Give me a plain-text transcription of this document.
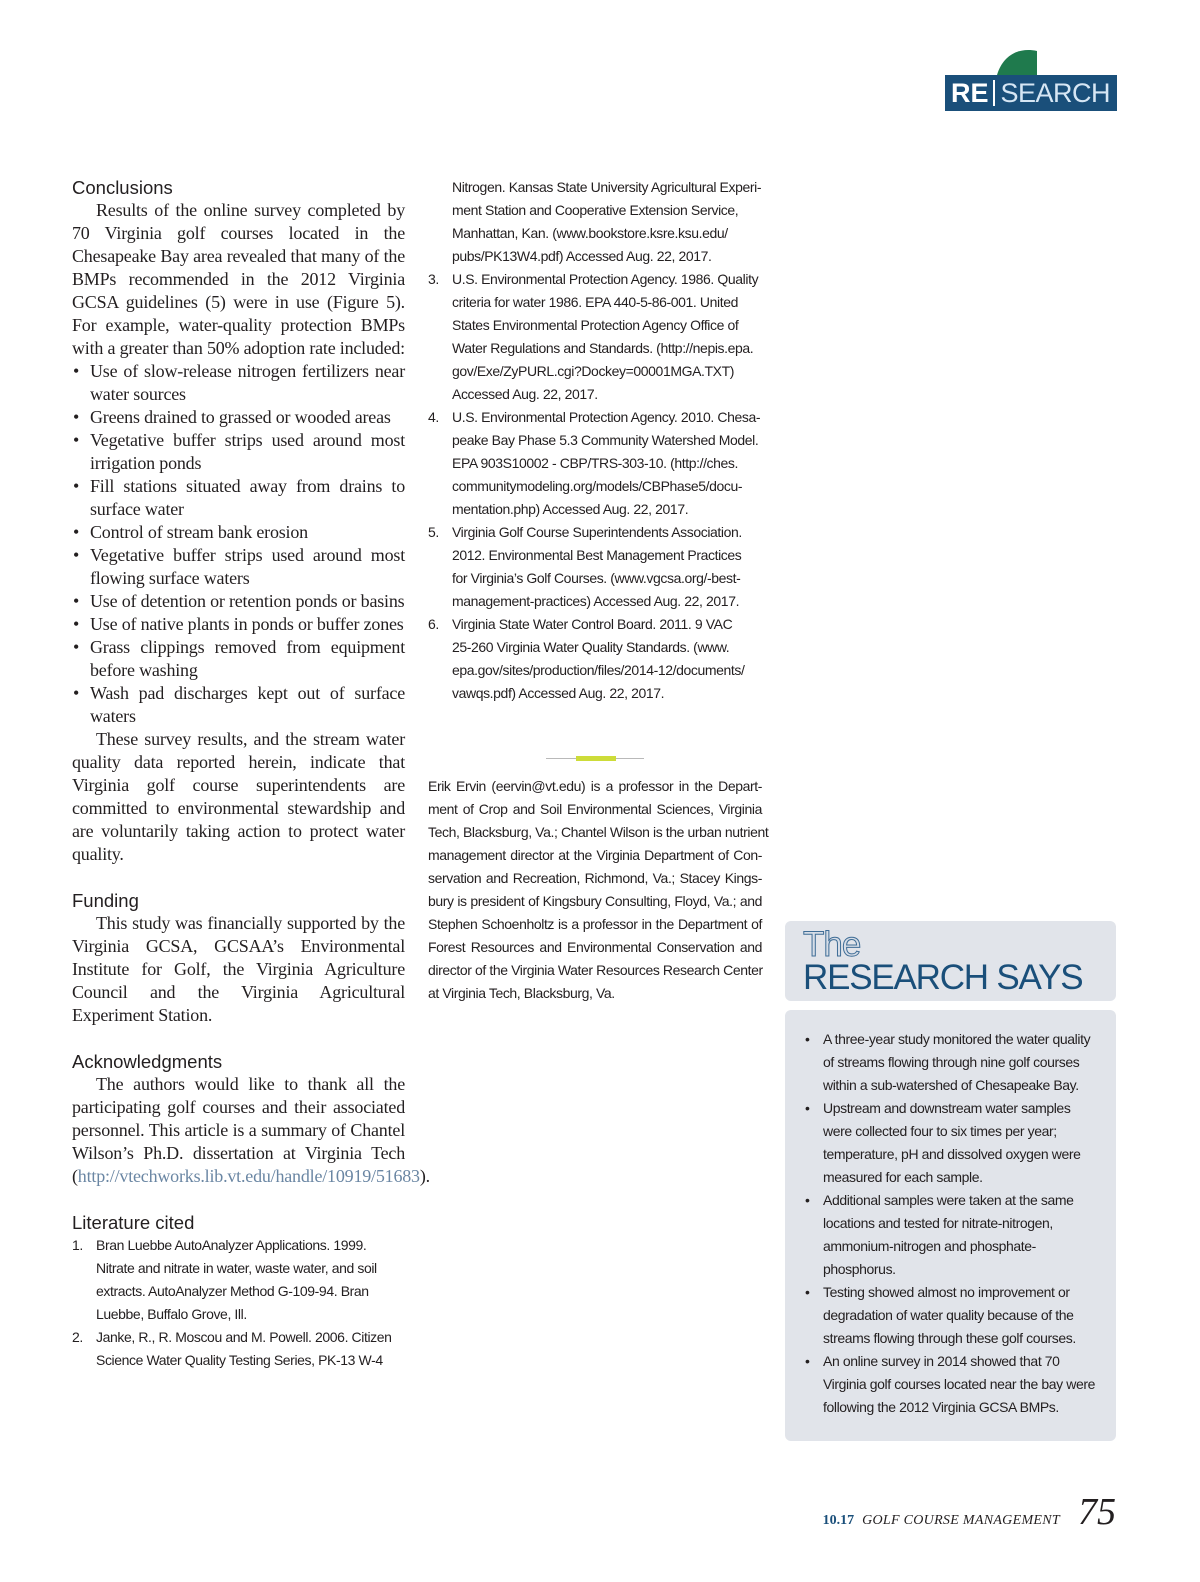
RE SEARCH
Conclusions

Results of the online survey completed by 70 Virginia golf courses located in the Chesapeake Bay area revealed that many of the BMPs recommended in the 2012 Virginia GCSA guidelines (5) were in use (Figure 5). For example, water-quality protection BMPs with a greater than 50% adoption rate included:

• Use of slow-release nitrogen fertilizers near water sources
• Greens drained to grassed or wooded areas
• Vegetative buffer strips used around most irrigation ponds
• Fill stations situated away from drains to surface water
• Control of stream bank erosion
• Vegetative buffer strips used around most flowing surface waters
• Use of detention or retention ponds or basins
• Use of native plants in ponds or buffer zones
• Grass clippings removed from equipment before washing
• Wash pad discharges kept out of surface waters

These survey results, and the stream water quality data reported herein, indicate that Virginia golf course superintendents are committed to environmental stewardship and are voluntarily taking action to protect water quality.

Funding

This study was financially supported by the Virginia GCSA, GCSAA’s Environmental Institute for Golf, the Virginia Agriculture Council and the Virginia Agricultural Experiment Station.

Acknowledgments

The authors would like to thank all the participating golf courses and their associated personnel. This article is a summary of Chantel Wilson’s Ph.D. dissertation at Virginia Tech (http://vtechworks.lib.vt.edu/handle/10919/51683).

Literature cited
1. Bran Luebbe AutoAnalyzer Applications. 1999.
Nitrate and nitrate in water, waste water, and soil
extracts. AutoAnalyzer Method G-109-94. Bran
Luebbe, Buffalo Grove, Ill.
2. Janke, R., R. Moscou and M. Powell. 2006. Citizen
Science Water Quality Testing Series, PK-13 W-4
Nitrogen. Kansas State University Agricultural Experi-
ment Station and Cooperative Extension Service,
Manhattan, Kan. (www.bookstore.ksre.ksu.edu/
pubs/PK13W4.pdf) Accessed Aug. 22, 2017.
3. U.S. Environmental Protection Agency. 1986. Quality
criteria for water 1986. EPA 440-5-86-001. United
States Environmental Protection Agency Office of
Water Regulations and Standards. (http://nepis.epa.
gov/Exe/ZyPURL.cgi?Dockey=00001MGA.TXT)
Accessed Aug. 22, 2017.
4. U.S. Environmental Protection Agency. 2010. Chesa-
peake Bay Phase 5.3 Community Watershed Model.
EPA 903S10002 - CBP/TRS-303-10. (http://ches.
communitymodeling.org/models/CBPhase5/docu-
mentation.php) Accessed Aug. 22, 2017.
5. Virginia Golf Course Superintendents Association.
2012. Environmental Best Management Practices
for Virginia’s Golf Courses. (www.vgcsa.org/-best-
management-practices) Accessed Aug. 22, 2017.
6. Virginia State Water Control Board. 2011. 9 VAC
25-260 Virginia Water Quality Standards. (www.
epa.gov/sites/production/files/2014-12/documents/
vawqs.pdf) Accessed Aug. 22, 2017.
Erik Ervin (eervin@vt.edu) is a professor in the Depart-
ment of Crop and Soil Environmental Sciences, Virginia
Tech, Blacksburg, Va.; Chantel Wilson is the urban nutrient
management director at the Virginia Department of Con-
servation and Recreation, Richmond, Va.; Stacey Kings-
bury is president of Kingsbury Consulting, Floyd, Va.; and
Stephen Schoenholtz is a professor in the Department of
Forest Resources and Environmental Conservation and
director of the Virginia Water Resources Research Center
at Virginia Tech, Blacksburg, Va.
The
RESEARCH SAYS
• A three-year study monitored the water quality
of streams flowing through nine golf courses
within a sub-watershed of Chesapeake Bay.
• Upstream and downstream water samples
were collected four to six times per year;
temperature, pH and dissolved oxygen were
measured for each sample.
• Additional samples were taken at the same
locations and tested for nitrate-nitrogen,
ammonium-nitrogen and phosphate-
phosphorus.
• Testing showed almost no improvement or
degradation of water quality because of the
streams flowing through these golf courses.
• An online survey in 2014 showed that 70
Virginia golf courses located near the bay were
following the 2012 Virginia GCSA BMPs.
10.17 GOLF COURSE MANAGEMENT 75
